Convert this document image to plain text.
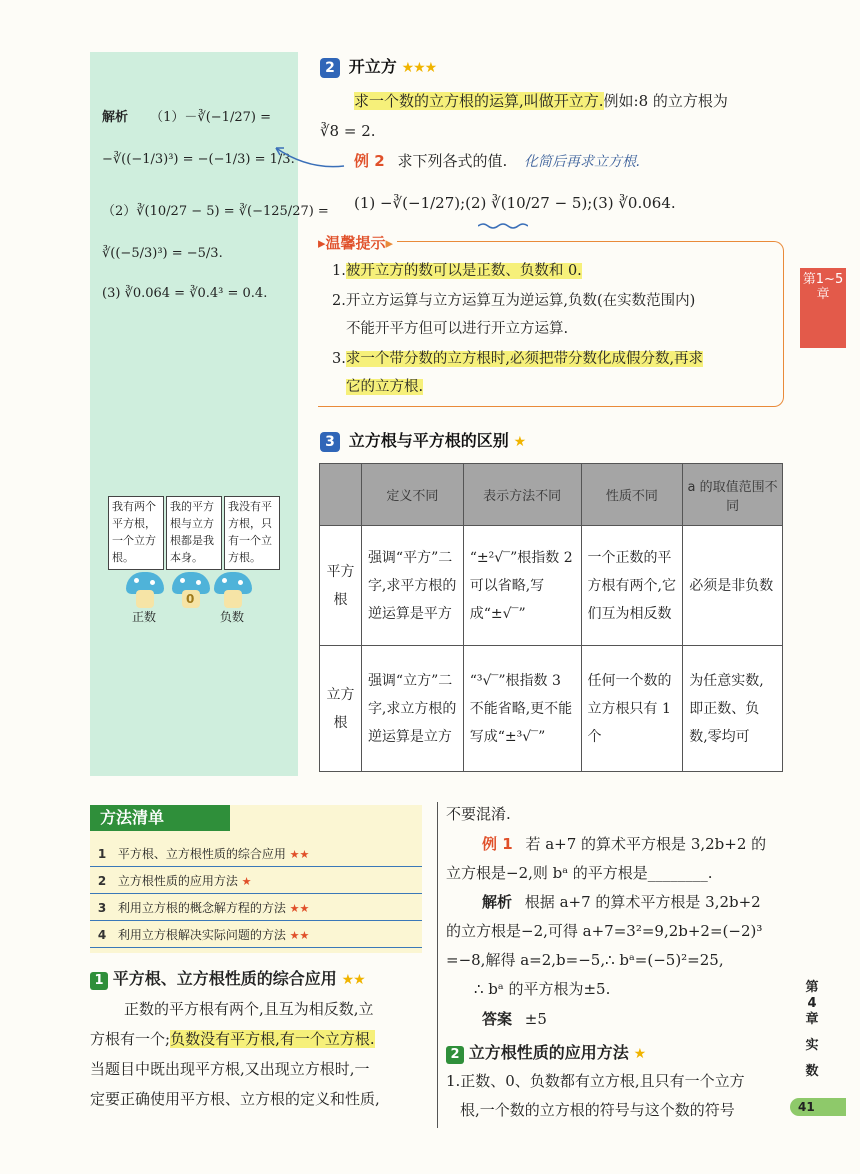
解析 （1）－∛(−1/27) =
−∛((−1/3)³) = −(−1/3) = 1/3.
（2）∛(10/27 − 5) = ∛(−125/27) =
∛((−5/3)³) = −5/3.
(3) ∛0.064 = ∛0.4³ = 0.4.
我有两个平方根，一个立方根。
我的平方根与立方根都是我本身。
我没有平方根，只有一个立方根。
正数
0
负数
2 开立方 ★★★
求一个数的立方根的运算,叫做开立方.例如:8 的立方根为
∛8 = 2.
例 2 求下列各式的值. 化简后再求立方根.
(1) −∛(−1/27);(2) ∛(10/27 − 5);(3) ∛0.064.
▸温馨提示▸
1.被开立方的数可以是正数、负数和 0.
2.开立方运算与立方运算互为逆运算,负数(在实数范围内)
不能开平方但可以进行开立方运算.
3.求一个带分数的立方根时,必须把带分数化成假分数,再求
它的立方根.
3 立方根与平方根的区别 ★
	定义不同	表示方法不同	性质不同	a 的取值范围不同
平方根	强调“平方”二字,求平方根的逆运算是平方	“±²√‾”根指数 2 可以省略,写成“±√‾”	一个正数的平方根有两个,它们互为相反数	必须是非负数
立方根	强调“立方”二字,求立方根的逆运算是立方	“³√‾”根指数 3 不能省略,更不能写成“±³√‾”	任何一个数的立方根只有 1 个	为任意实数,即正数、负数,零均可
第1~5章
方法清单
1 平方根、立方根性质的综合应用 ★★
2 立方根性质的应用方法 ★
3 利用立方根的概念解方程的方法 ★★
4 利用立方根解决实际问题的方法 ★★
1 平方根、立方根性质的综合应用 ★★
正数的平方根有两个,且互为相反数,立
方根有一个;负数没有平方根,有一个立方根.
当题目中既出现平方根,又出现立方根时,一
定要正确使用平方根、立方根的定义和性质,
不要混淆.
例 1 若 a+7 的算术平方根是 3,2b+2 的
立方根是−2,则 bᵃ 的平方根是________.
解析 根据 a+7 的算术平方根是 3,2b+2
的立方根是−2,可得 a+7=3²=9,2b+2=(−2)³
=−8,解得 a=2,b=−5,∴ bᵃ=(−5)²=25,
∴ bᵃ 的平方根为±5.
答案 ±5
2 立方根性质的应用方法 ★
1.正数、0、负数都有立方根,且只有一个立方
根,一个数的立方根的符号与这个数的符号
第
4
章
实
数
41
